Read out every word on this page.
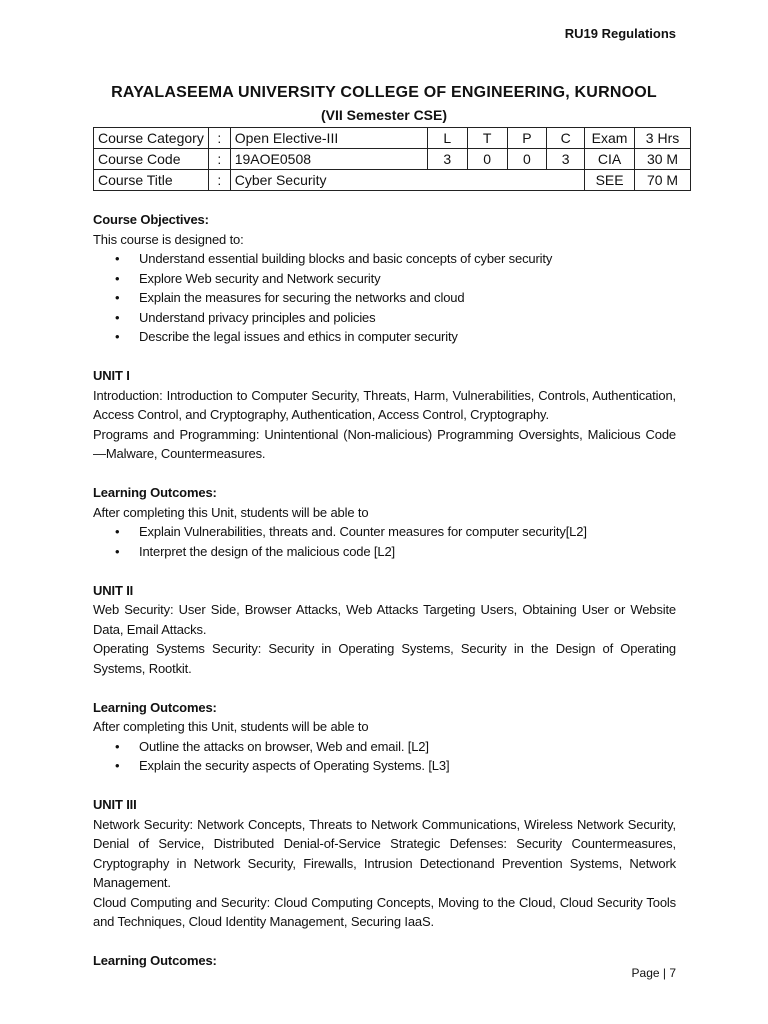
RU19 Regulations
RAYALASEEMA UNIVERSITY COLLEGE OF ENGINEERING, KURNOOL
(VII Semester CSE)
Course Category	:	Open Elective-III	L	T	P	C	Exam	3 Hrs
Course Code	:	19AOE0508	3	0	0	3	CIA	30 M
Course Title	:	Cyber Security					SEE	70 M
Course Objectives:
This course is designed to:
• Understand essential building blocks and basic concepts of cyber security
• Explore Web security and Network security
• Explain the measures for securing the networks and cloud
• Understand privacy principles and policies
• Describe the legal issues and ethics in computer security
UNIT I
Introduction: Introduction to Computer Security, Threats, Harm, Vulnerabilities, Controls, Authentication, Access Control, and Cryptography, Authentication, Access Control, Cryptography.
Programs and Programming: Unintentional (Non-malicious) Programming Oversights, Malicious Code—Malware, Countermeasures.
Learning Outcomes:
After completing this Unit, students will be able to
• Explain Vulnerabilities, threats and. Counter measures for computer security[L2]
• Interpret the design of the malicious code [L2]
UNIT II
Web Security: User Side, Browser Attacks, Web Attacks Targeting Users, Obtaining User or Website Data, Email Attacks.
Operating Systems Security: Security in Operating Systems, Security in the Design of Operating Systems, Rootkit.
Learning Outcomes:
After completing this Unit, students will be able to
• Outline the attacks on browser, Web and email. [L2]
• Explain the security aspects of Operating Systems. [L3]
UNIT III
Network Security: Network Concepts, Threats to Network Communications, Wireless Network Security, Denial of Service, Distributed Denial-of-Service Strategic Defenses: Security Countermeasures, Cryptography in Network Security, Firewalls, Intrusion Detectionand Prevention Systems, Network Management.
Cloud Computing and Security: Cloud Computing Concepts, Moving to the Cloud, Cloud Security Tools and Techniques, Cloud Identity Management, Securing IaaS.
Learning Outcomes:
Page | 7
